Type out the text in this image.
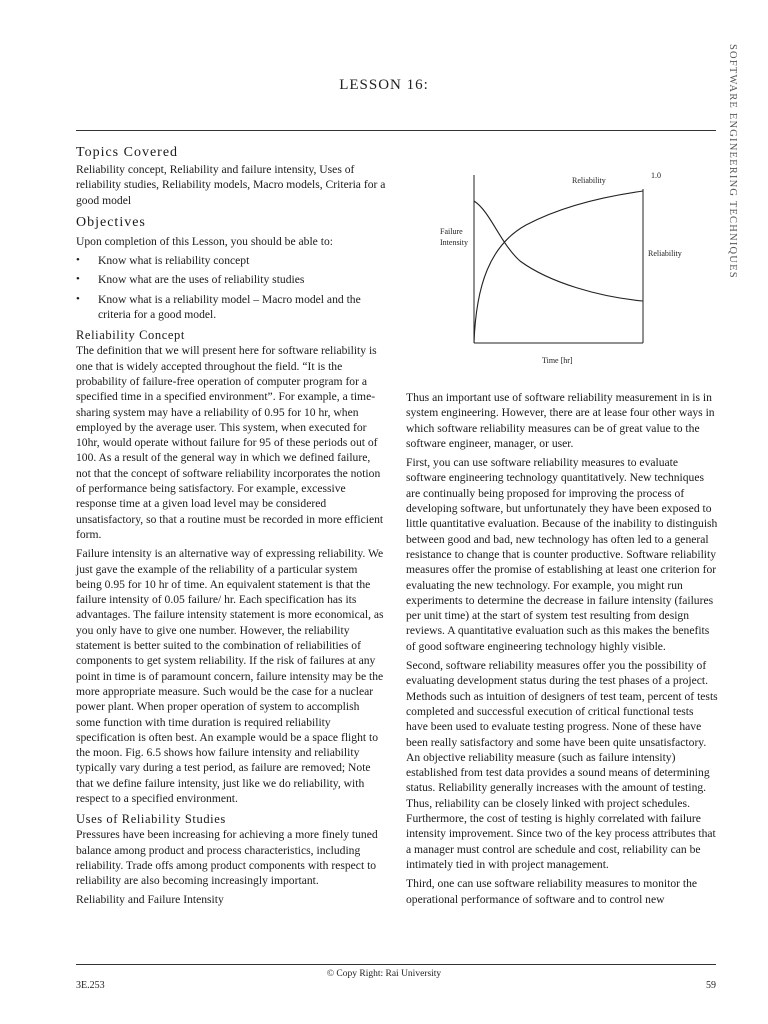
LESSON 16:	SOFTWARE ENGINEERING TECHNIQUES

Topics Covered

Reliability concept, Reliability and failure intensity, Uses of reliability studies, Reliability models, Macro models, Criteria for a good model

Objectives

Upon completion of this Lesson, you should be able to:

• Know what is reliability concept
• Know what are the uses of reliability studies
• Know what is a reliability model – Macro model and the criteria for a good model.

Reliability Concept

The definition that we will present here for software reliability is one that is widely accepted throughout the field. “It is the probability of failure-free operation of computer program for a specified time in a specified environment”. For example, a time-sharing system may have a reliability of 0.95 for 10 hr, when employed by the average user. This system, when executed for 10hr, would operate without failure for 95 of these periods out of 100. As a result of the general way in which we defined failure, not that the concept of software reliability incorporates the notion of performance being satisfactory. For example, excessive response time at a given load level may be considered unsatisfactory, so that a routine must be recorded in more efficient form.

Failure intensity is an alternative way of expressing reliability. We just gave the example of the reliability of a particular system being 0.95 for 10 hr of time. An equivalent statement is that the failure intensity of 0.05 failure/ hr. Each specification has its advantages. The failure intensity statement is more economical, as you only have to give one number. However, the reliability statement is better suited to the combination of reliabilities of components to get system reliability. If the risk of failures at any point in time is of paramount concern, failure intensity may be the more appropriate measure. Such would be the case for a nuclear power plant. When proper operation of system to accomplish some function with time duration is required reliability specification is often best. An example would be a space flight to the moon. Fig. 6.5 shows how failure intensity and reliability typically vary during a test period, as failure are removed; Note that we define failure intensity, just like we do reliability, with respect to a specified environment.

Uses of Reliability Studies

Pressures have been increasing for achieving a more finely tuned balance among product and process characteristics, including reliability. Trade offs among product components with respect to reliability are also becoming increasingly important.

Reliability and Failure Intensity

Reliability
1.0
Failure
Intensity
Reliability
Time [hr]

Thus an important use of software reliability measurement in is in system engineering. However, there are at lease four other ways in which software reliability measures can be of great value to the software engineer, manager, or user.

First, you can use software reliability measures to evaluate software engineering technology quantitatively. New techniques are continually being proposed for improving the process of developing software, but unfortunately they have been exposed to little quantitative evaluation. Because of the inability to distinguish between good and bad, new technology has often led to a general resistance to change that is counter productive. Software reliability measures offer the promise of establishing at least one criterion for evaluating the new technology. For example, you might run experiments to determine the decrease in failure intensity (failures per unit time) at the start of system test resulting from design reviews. A quantitative evaluation such as this makes the benefits of good software engineering technology highly visible.

Second, software reliability measures offer you the possibility of evaluating development status during the test phases of a project. Methods such as intuition of designers of test team, percent of tests completed and successful execution of critical functional tests have been used to evaluate testing progress. None of these have been really satisfactory and some have been quite unsatisfactory. An objective reliability measure (such as failure intensity) established from test data provides a sound means of determining status. Reliability generally increases with the amount of testing. Thus, reliability can be closely linked with project schedules. Furthermore, the cost of testing is highly correlated with failure intensity improvement. Since two of the key process attributes that a manager must control are schedule and cost, reliability can be intimately tied in with project management.

Third, one can use software reliability measures to monitor the operational performance of software and to control new

© Copy Right: Rai University
3E.253	59
